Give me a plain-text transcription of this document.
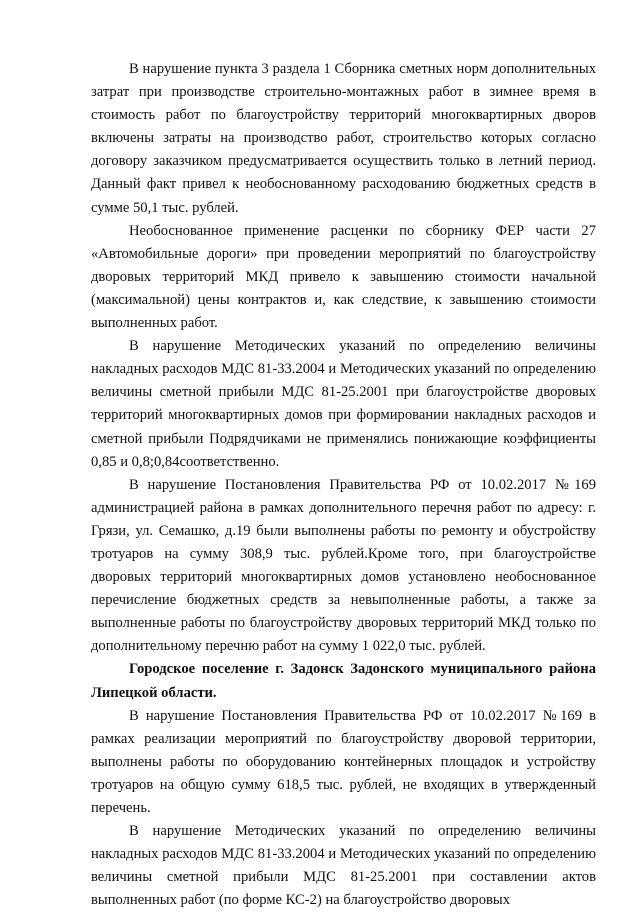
В нарушение пункта 3 раздела 1 Сборника сметных норм дополнительных затрат при производстве строительно-монтажных работ в зимнее время в стоимость работ по благоустройству территорий многоквартирных дворов включены затраты на производство работ, строительство которых согласно договору заказчиком предусматривается осуществить только в летний период. Данный факт привел к необоснованному расходованию бюджетных средств в сумме 50,1 тыс. рублей.

Необоснованное применение расценки по сборнику ФЕР части 27 «Автомобильные дороги» при проведении мероприятий по благоустройству дворовых территорий МКД привело к завышению стоимости начальной (максимальной) цены контрактов и, как следствие, к завышению стоимости выполненных работ.

В нарушение Методических указаний по определению величины накладных расходов МДС 81-33.2004 и Методических указаний по определению величины сметной прибыли МДС 81-25.2001 при благоустройстве дворовых территорий многоквартирных домов при формировании накладных расходов и сметной прибыли Подрядчиками не применялись понижающие коэффициенты 0,85 и 0,8;0,84соответственно.

В нарушение Постановления Правительства РФ от 10.02.2017 №169 администрацией района в рамках дополнительного перечня работ по адресу: г. Грязи, ул. Семашко, д.19 были выполнены работы по ремонту и обустройству тротуаров на сумму 308,9 тыс. рублей.Кроме того, при благоустройстве дворовых территорий многоквартирных домов установлено необоснованное перечисление бюджетных средств за невыполненные работы, а также за выполненные работы по благоустройству дворовых территорий МКД только по дополнительному перечню работ на сумму 1 022,0 тыс. рублей.

Городское поселение г. Задонск Задонского муниципального района Липецкой области.

В нарушение Постановления Правительства РФ от 10.02.2017 №169 в рамках реализации мероприятий по благоустройству дворовой территории, выполнены работы по оборудованию контейнерных площадок и устройству тротуаров на общую сумму 618,5 тыс. рублей, не входящих в утвержденный перечень.

В нарушение Методических указаний по определению величины накладных расходов МДС 81-33.2004 и Методических указаний по определению величины сметной прибыли МДС 81-25.2001 при составлении актов выполненных работ (по форме КС-2) на благоустройство дворовых
